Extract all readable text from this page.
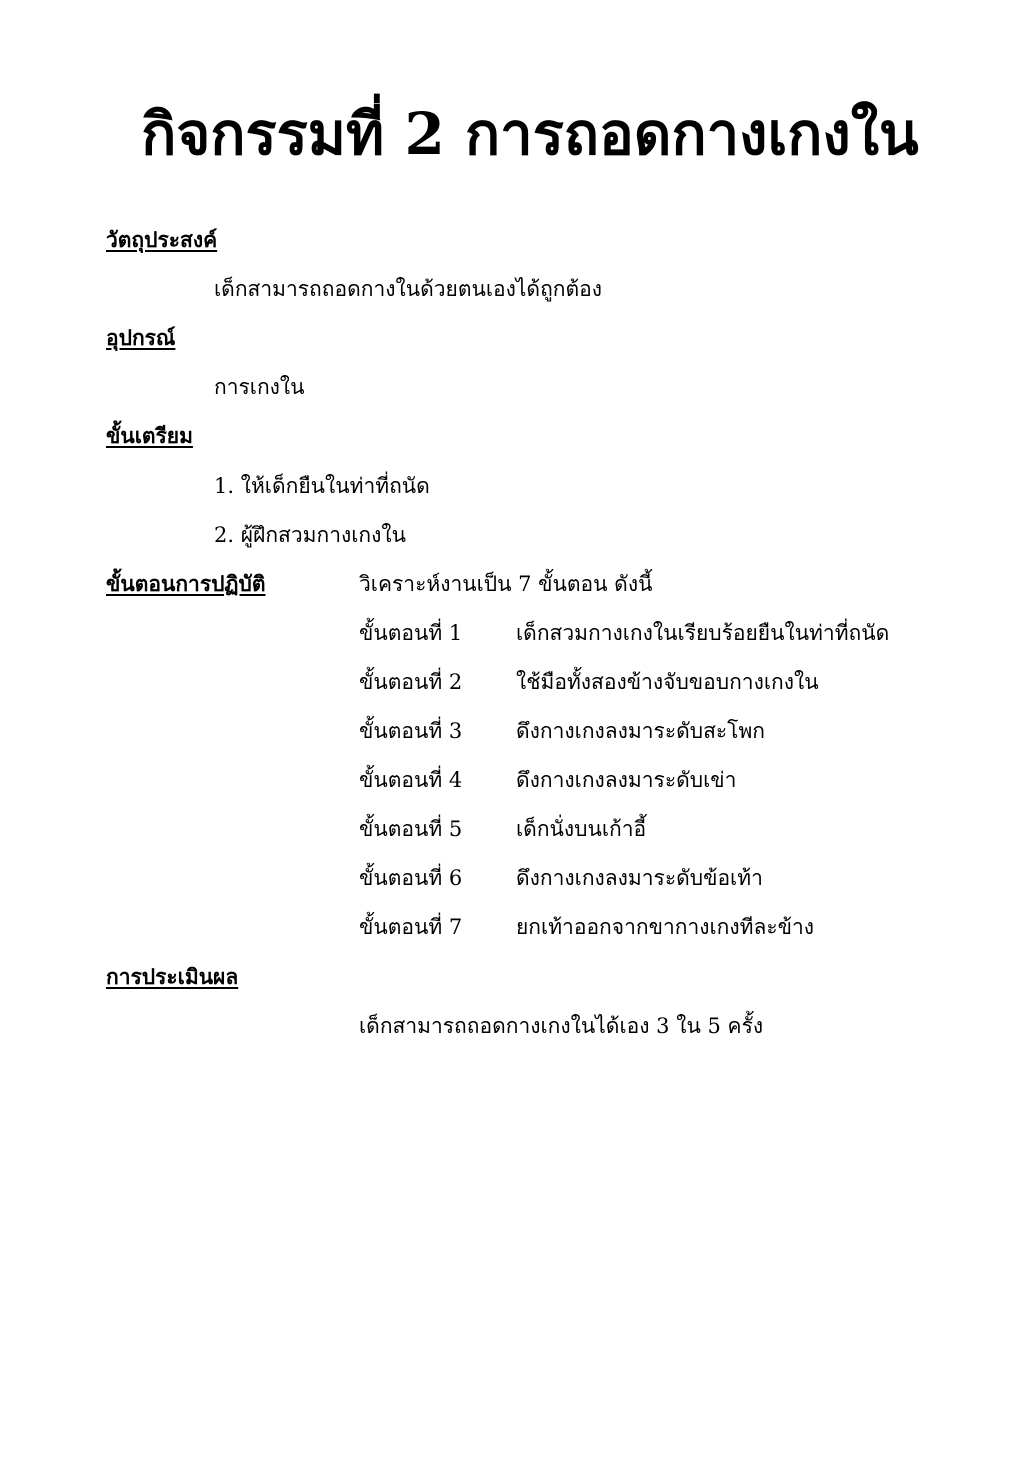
กิจกรรมที่ 2 การถอดกางเกงใน
วัตถุประสงค์
เด็กสามารถถอดกางในด้วยตนเองได้ถูกต้อง
อุปกรณ์
การเกงใน
ขั้นเตรียม
1. ให้เด็กยืนในท่าที่ถนัด
2. ผู้ฝึกสวมกางเกงใน
ขั้นตอนการปฏิบัติ	วิเคราะห์งานเป็น 7 ขั้นตอน ดังนี้
ขั้นตอนที่ 1	เด็กสวมกางเกงในเรียบร้อยยืนในท่าที่ถนัด
ขั้นตอนที่ 2	ใช้มือทั้งสองข้างจับขอบกางเกงใน
ขั้นตอนที่ 3	ดึงกางเกงลงมาระดับสะโพก
ขั้นตอนที่ 4	ดึงกางเกงลงมาระดับเข่า
ขั้นตอนที่ 5	เด็กนั่งบนเก้าอี้
ขั้นตอนที่ 6	ดึงกางเกงลงมาระดับข้อเท้า
ขั้นตอนที่ 7	ยกเท้าออกจากขากางเกงทีละข้าง
การประเมินผล
เด็กสามารถถอดกางเกงในได้เอง 3 ใน 5 ครั้ง
